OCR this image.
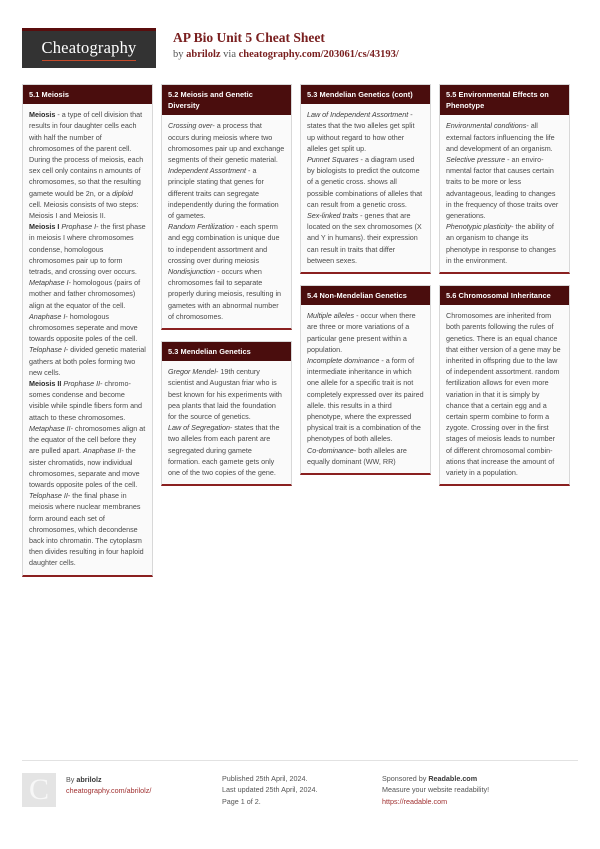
Cheatography
AP Bio Unit 5 Cheat Sheet
by abrilolz via cheatography.com/203061/cs/43193/
5.1 Meiosis
Meiosis - a type of cell division that results in four daughter cells each with half the number of chromosomes of the parent cell. During the process of meiosis, each sex cell only contains n amounts of chromosomes, so that the resulting gamete would be 2n, or a diploid cell. Meiosis consists of two steps: Meiosis I and Meiosis II.
Meiosis I Prophase I- the first phase in meiosis I where chromosomes condense, homologous chromosomes pair up to form tetrads, and crossing over occurs. Metaphase I- homologous (pairs of mother and father chromosomes) align at the equator of the cell. Anaphase I- homologous chromosomes seperate and move towards opposite poles of the cell. Telophase I- divided genetic material gathers at both poles forming two new cells.
Meiosis II Prophase II- chromosomes condense and become visible while spindle fibers form and attach to these chromosomes. Metaphase II- chromosomes align at the equator of the cell before they are pulled apart. Anaphase II- the sister chromatids, now individual chromosomes, separate and move towards opposite poles of the cell. Telophase II- the final phase in meiosis where nuclear membranes form around each set of chromosomes, which decondense back into chromatin. The cytoplasm then divides resulting in four haploid daughter cells.
5.2 Meiosis and Genetic Diversity
Crossing over- a process that occurs during meiosis where two chromosomes pair up and exchange segments of their genetic material.
Independent Assortment - a principle stating that genes for different traits can segregate independently during the formation of gametes.
Random Fertilization - each sperm and egg combination is unique due to independent assortment and crossing over during meiosis
Nondisjunction - occurs when chromosomes fail to separate properly during meiosis, resulting in gametes with an abnormal number of chromosomes.
5.3 Mendelian Genetics
Gregor Mendel- 19th century scientist and Augustan friar who is best known for his experiments with pea plants that laid the foundation for the source of genetics.
Law of Segregation- states that the two alleles from each parent are segregated during gamete formation. each gamete gets only one of the two copies of the gene.
5.3 Mendelian Genetics (cont)
Law of Independent Assortment - states that the two alleles get split up without regard to how other alleles get split up.
Punnet Squares - a diagram used by biologists to predict the outcome of a genetic cross. shows all possible combinations of alleles that can result from a genetic cross.
Sex-linked traits - genes that are located on the sex chromosomes (X and Y in humans). their expression can result in traits that differ between sexes.
5.4 Non-Mendelian Genetics
Multiple alleles - occur when there are three or more variations of a particular gene present within a population.
Incomplete dominance - a form of intermediate inheritance in which one allele for a specific trait is not completely expressed over its paired allele. this results in a third phenotype, where the expressed physical trait is a combination of the phenotypes of both alleles.
Co-dominance- both alleles are equally dominant (WW, RR)
5.5 Environmental Effects on Phenotype
Environmental conditions- all external factors influencing the life and development of an organism.
Selective pressure - an environmental factor that causes certain traits to be more or less advantageous, leading to changes in the frequency of those traits over generations.
Phenotypic plasticity- the ability of an organism to change its phenotype in response to changes in the environment.
5.6 Chromosomal Inheritance
Chromosomes are inherited from both parents following the rules of genetics. There is an equal chance that either version of a gene may be inherited in offspring due to the law of independent assortment. random fertilization allows for even more variation in that it is simply by chance that a certain egg and a certain sperm combine to form a zygote. Crossing over in the first stages of meiosis leads to number of different chromosomal combinations that increase the amount of variety in a population.
C	By abrilolz
cheatography.com/abrilolz/
Published 25th April, 2024.
Last updated 25th April, 2024.
Page 1 of 2.
Sponsored by Readable.com
Measure your website readability!
https://readable.com
